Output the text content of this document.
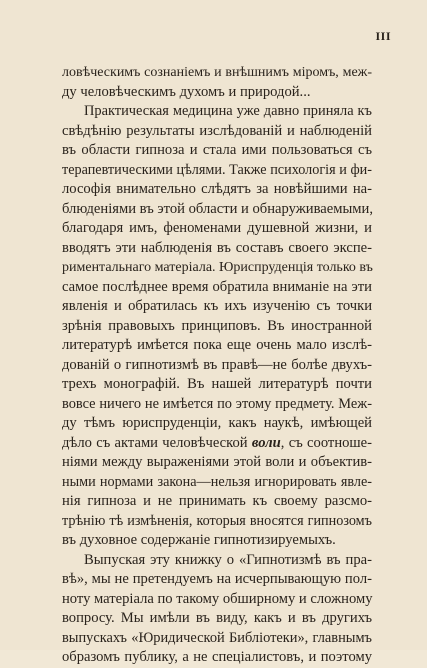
III
ловѣческимъ сознаніемъ и внѣшнимъ міромъ, меж-
ду человѣческимъ духомъ и природой...
Практическая медицина уже давно приняла къ
свѣдѣнію результаты изслѣдованій и наблюденій
въ области гипноза и стала ими пользоваться съ
терапевтическими цѣлями. Также психологія и фи-
лософія внимательно слѣдятъ за новѣйшими на-
блюденіями въ этой области и обнаруживаемыми,
благодаря имъ, феноменами душевной жизни, и
вводятъ эти наблюденія въ составъ своего экспе-
риментальнаго матеріала. Юриспруденція только въ
самое послѣднее время обратила вниманіе на эти
явленія и обратилась къ ихъ изученію съ точки
зрѣнія правовыхъ принциповъ. Въ иностранной
литературѣ имѣется пока еще очень мало изслѣ-
дованій о гипнотизмѣ въ правѣ—не болѣе двухъ-
трехъ монографій. Въ нашей литературѣ почти
вовсе ничего не имѣется по этому предмету. Меж-
ду тѣмъ юриспруденціи, какъ наукѣ, имѣющей
дѣло съ актами человѣческой воли, съ соотноше-
ніями между выраженіями этой воли и объектив-
ными нормами закона—нельзя игнорировать явле-
нія гипноза и не принимать къ своему разсмо-
трѣнію тѣ измѣненія, которыя вносятся гипнозомъ
въ духовное содержаніе гипнотизируемыхъ.
Выпуская эту книжку о «Гипнотизмѣ въ пра-
вѣ», мы не претендуемъ на исчерпывающую пол-
ноту матеріала по такому обширному и сложному
вопросу. Мы имѣли въ виду, какъ и въ другихъ
выпускахъ «Юридической Библіотеки», главнымъ
образомъ публику, а не спеціалистовъ, и поэтому
